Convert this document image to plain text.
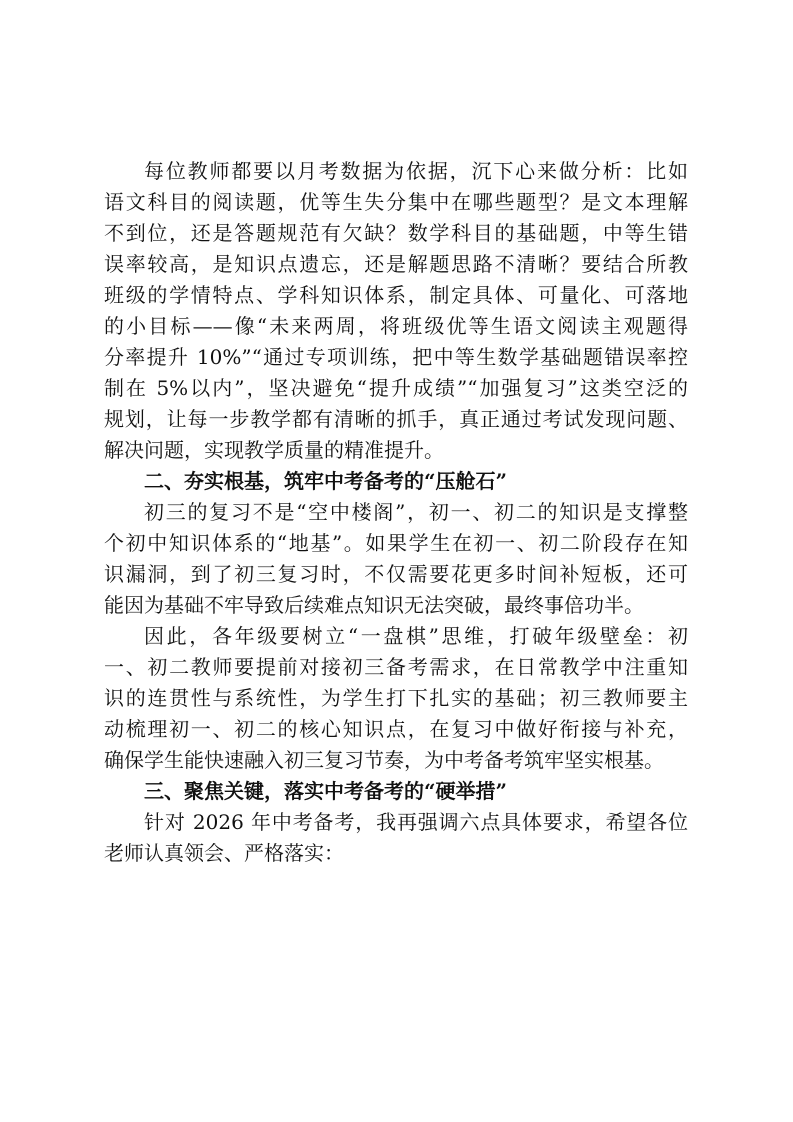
每位教师都要以月考数据为依据，沉下心来做分析：比如
语文科目的阅读题，优等生失分集中在哪些题型？是文本理解
不到位，还是答题规范有欠缺？数学科目的基础题，中等生错
误率较高，是知识点遗忘，还是解题思路不清晰？要结合所教
班级的学情特点、学科知识体系，制定具体、可量化、可落地
的小目标——像“未来两周，将班级优等生语文阅读主观题得
分率提升 10%”“通过专项训练，把中等生数学基础题错误率控
制在 5%以内”，坚决避免“提升成绩”“加强复习”这类空泛的
规划，让每一步教学都有清晰的抓手，真正通过考试发现问题、
解决问题，实现教学质量的精准提升。
二、夯实根基，筑牢中考备考的“压舱石”
初三的复习不是“空中楼阁”，初一、初二的知识是支撑整
个初中知识体系的“地基”。如果学生在初一、初二阶段存在知
识漏洞，到了初三复习时，不仅需要花更多时间补短板，还可
能因为基础不牢导致后续难点知识无法突破，最终事倍功半。
因此，各年级要树立“一盘棋”思维，打破年级壁垒：初
一、初二教师要提前对接初三备考需求，在日常教学中注重知
识的连贯性与系统性，为学生打下扎实的基础；初三教师要主
动梳理初一、初二的核心知识点，在复习中做好衔接与补充，
确保学生能快速融入初三复习节奏，为中考备考筑牢坚实根基。
三、聚焦关键，落实中考备考的“硬举措”
针对 2026 年中考备考，我再强调六点具体要求，希望各位
老师认真领会、严格落实：
